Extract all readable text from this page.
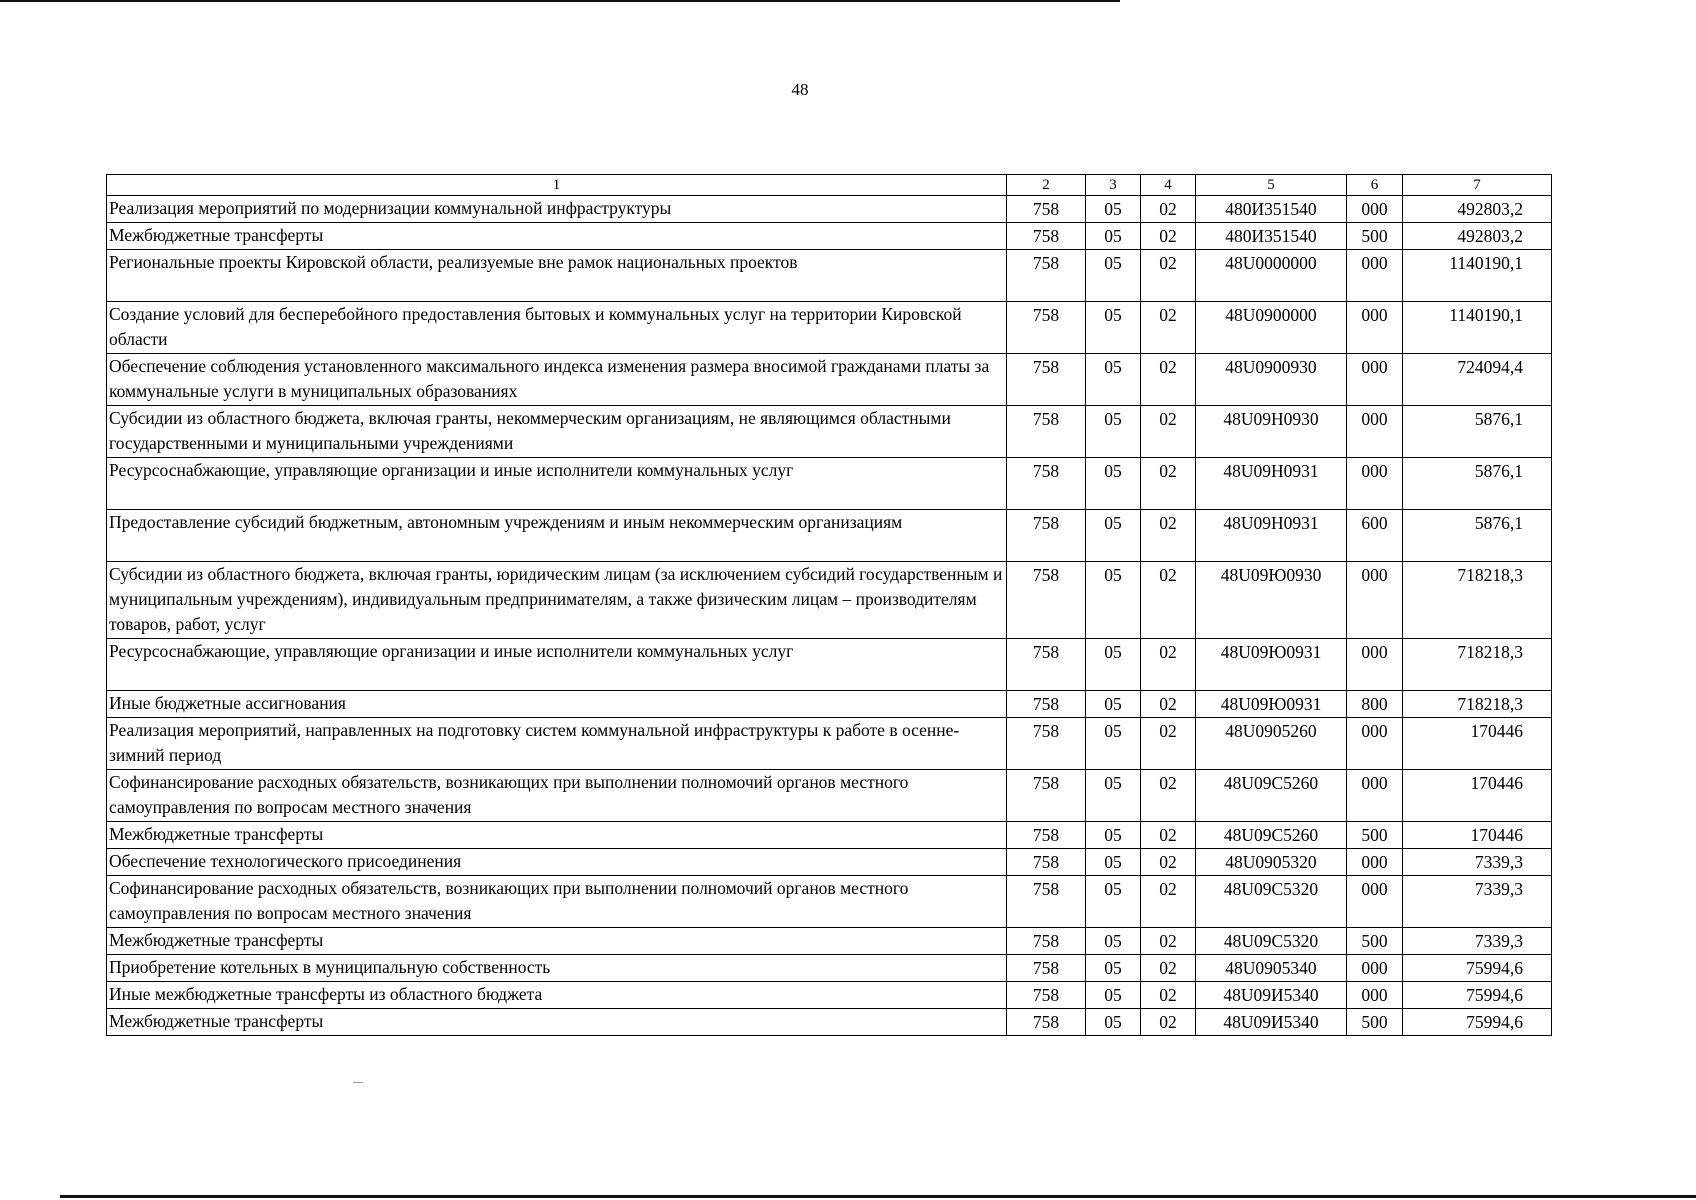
48
1	2	3	4	5	6	7
Реализация мероприятий по модернизации коммунальной инфраструктуры	758	05	02	480И351540	000	492803,2
Межбюджетные трансферты	758	05	02	480И351540	500	492803,2
Региональные проекты Кировской области, реализуемые вне рамок национальных проектов	758	05	02	48U0000000	000	1140190,1
Создание условий для бесперебойного предоставления бытовых и коммунальных услуг на территории Кировской области	758	05	02	48U0900000	000	1140190,1
Обеспечение соблюдения установленного максимального индекса изменения размера вносимой гражданами платы за коммунальные услуги в муниципальных образованиях	758	05	02	48U0900930	000	724094,4
Субсидии из областного бюджета, включая гранты, некоммерческим организациям, не являющимся областными государственными и муниципальными учреждениями	758	05	02	48U09H0930	000	5876,1
Ресурсоснабжающие, управляющие организации и иные исполнители коммунальных услуг	758	05	02	48U09H0931	000	5876,1
Предоставление субсидий бюджетным, автономным учреждениям и иным некоммерческим организациям	758	05	02	48U09H0931	600	5876,1
Субсидии из областного бюджета, включая гранты, юридическим лицам (за исключением субсидий государственным и муниципальным учреждениям), индивидуальным предпринимателям, а также физическим лицам – производителям товаров, работ, услуг	758	05	02	48U09Ю0930	000	718218,3
Ресурсоснабжающие, управляющие организации и иные исполнители коммунальных услуг	758	05	02	48U09Ю0931	000	718218,3
Иные бюджетные ассигнования	758	05	02	48U09Ю0931	800	718218,3
Реализация мероприятий, направленных на подготовку систем коммунальной инфраструктуры к работе в осенне-зимний период	758	05	02	48U0905260	000	170446
Софинансирование расходных обязательств, возникающих при выполнении полномочий органов местного самоуправления по вопросам местного значения	758	05	02	48U09C5260	000	170446
Межбюджетные трансферты	758	05	02	48U09C5260	500	170446
Обеспечение технологического присоединения	758	05	02	48U0905320	000	7339,3
Софинансирование расходных обязательств, возникающих при выполнении полномочий органов местного самоуправления по вопросам местного значения	758	05	02	48U09C5320	000	7339,3
Межбюджетные трансферты	758	05	02	48U09C5320	500	7339,3
Приобретение котельных в муниципальную собственность	758	05	02	48U0905340	000	75994,6
Иные межбюджетные трансферты из областного бюджета	758	05	02	48U09И5340	000	75994,6
Межбюджетные трансферты	758	05	02	48U09И5340	500	75994,6
